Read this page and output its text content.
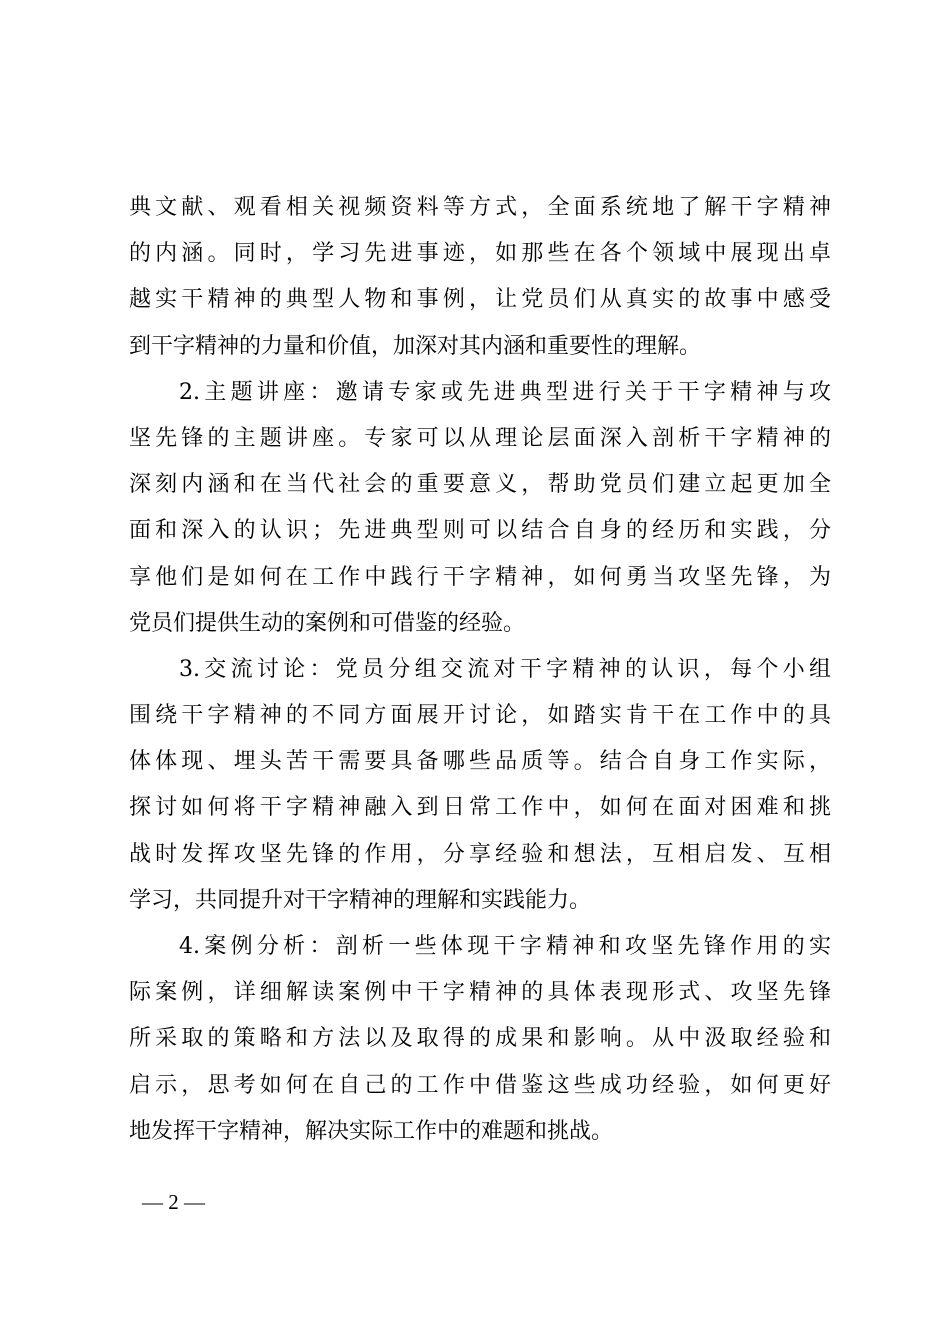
典文献、观看相关视频资料等方式，全面系统地了解干字精神
的内涵。同时，学习先进事迹，如那些在各个领域中展现出卓
越实干精神的典型人物和事例，让党员们从真实的故事中感受
到干字精神的力量和价值，加深对其内涵和重要性的理解。
2.主题讲座：邀请专家或先进典型进行关于干字精神与攻
坚先锋的主题讲座。专家可以从理论层面深入剖析干字精神的
深刻内涵和在当代社会的重要意义，帮助党员们建立起更加全
面和深入的认识；先进典型则可以结合自身的经历和实践，分
享他们是如何在工作中践行干字精神，如何勇当攻坚先锋，为
党员们提供生动的案例和可借鉴的经验。
3.交流讨论：党员分组交流对干字精神的认识，每个小组
围绕干字精神的不同方面展开讨论，如踏实肯干在工作中的具
体体现、埋头苦干需要具备哪些品质等。结合自身工作实际，
探讨如何将干字精神融入到日常工作中，如何在面对困难和挑
战时发挥攻坚先锋的作用，分享经验和想法，互相启发、互相
学习，共同提升对干字精神的理解和实践能力。
4.案例分析：剖析一些体现干字精神和攻坚先锋作用的实
际案例，详细解读案例中干字精神的具体表现形式、攻坚先锋
所采取的策略和方法以及取得的成果和影响。从中汲取经验和
启示，思考如何在自己的工作中借鉴这些成功经验，如何更好
地发挥干字精神，解决实际工作中的难题和挑战。
— 2 —
